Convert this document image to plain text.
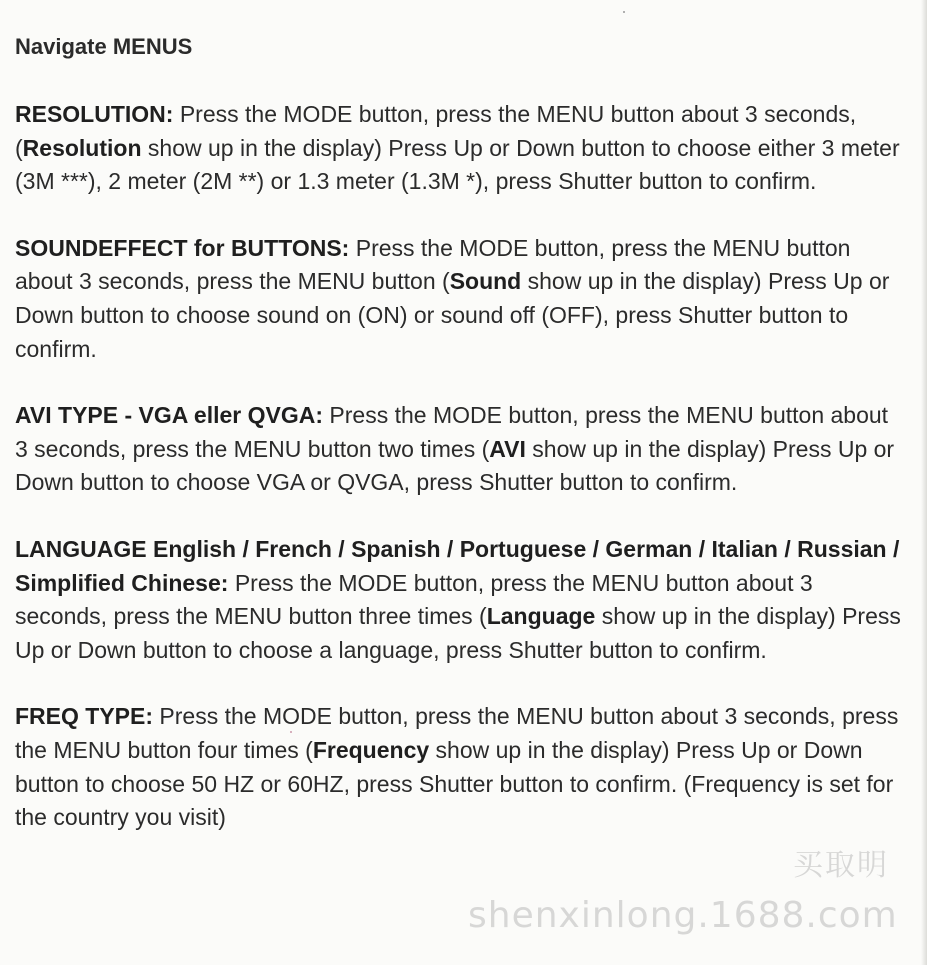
Navigate MENUS

RESOLUTION: Press the MODE button, press the MENU button about 3 seconds, (Resolution show up in the display) Press Up or Down button to choose either 3 meter (3M ***), 2 meter (2M **) or 1.3 meter (1.3M *), press Shutter button to confirm.

SOUNDEFFECT for BUTTONS: Press the MODE button, press the MENU button about 3 seconds, press the MENU button (Sound show up in the display) Press Up or Down button to choose sound on (ON) or sound off (OFF), press Shutter button to confirm.

AVI TYPE - VGA eller QVGA: Press the MODE button, press the MENU button about 3 seconds, press the MENU button two times (AVI show up in the display) Press Up or Down button to choose VGA or QVGA, press Shutter button to confirm.

LANGUAGE English / French / Spanish / Portuguese / German / Italian / Russian / Simplified Chinese: Press the MODE button, press the MENU button about 3 seconds, press the MENU button three times (Language show up in the display) Press Up or Down button to choose a language, press Shutter button to confirm.

FREQ TYPE: Press the MODE button, press the MENU button about 3 seconds, press the MENU button four times (Frequency show up in the display) Press Up or Down button to choose 50 HZ or 60HZ, press Shutter button to confirm. (Frequency is set for the country you visit)

买取明
shenxinlong.1688.com
